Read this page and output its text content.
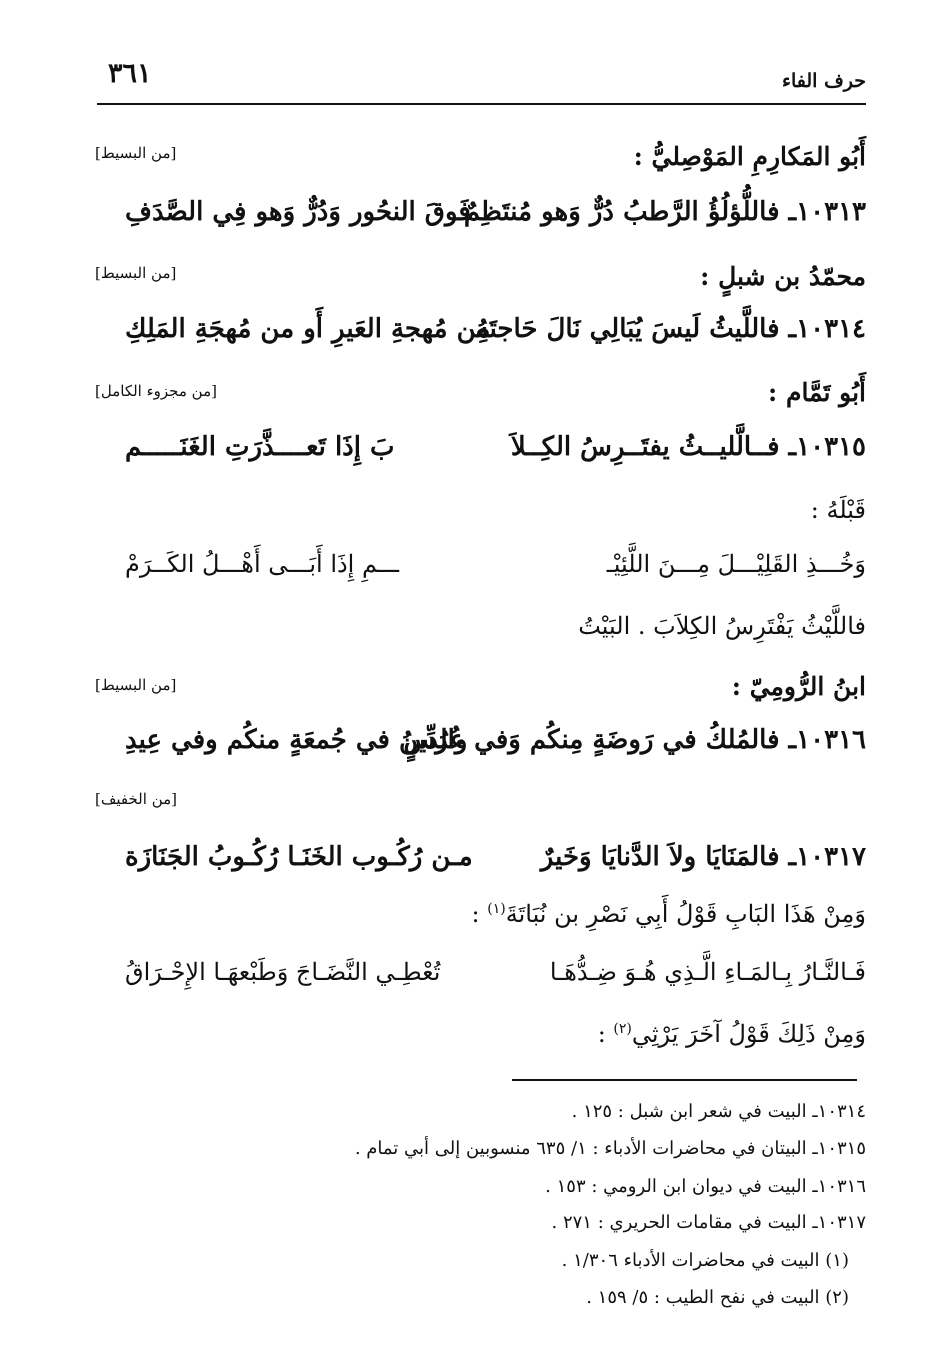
حرف الفاء
٣٦١
أَبُو المَكارِمِ المَوْصِليُّ :
[من البسيط]
١٠٣١٣ـ فاللُّؤلُؤُ الرَّطبُ دُرٌّ وَهو مُنتَظِمٌ
فَوقَ النحُور وَدُرٌّ وَهو فِي الصَّدَفِ
محمّدُ بن شبلٍ :
[من البسيط]
١٠٣١٤ـ فاللَّيثُ لَيسَ يُبَالِي نَالَ حَاجتَهُ
مِن مُهجةِ العَيرِ أَو من مُهجَةِ المَلِكِ
أَبُو تَمَّام :
[من مجزوء الكامل]
١٠٣١٥ـ فــالَّليــثُ يفتَــرِسُ الكِــلاَ
بَ إِذَا تَعــــذَّرَتِ الغَنَـــــم
قَبْلَهُ :
وَخُـــذِ القَلِيْـــلَ مِـــنَ اللَّئِيْـ
ـــمِ إِذَا أَبَـــى أَهْـــلُ الكَــرَمْ
فاللَّيْثُ يَفْتَرِسُ الكِلاَبَ . البَيْتُ
ابنُ الرُّومِيّ :
[من البسيط]
١٠٣١٦ـ فالمُلكُ في رَوضَةٍ مِنكُم وَفي عُرُسٍ
والدِّينُ في جُمعَةٍ منكُم وفي عِيدِ
[من الخفيف]
١٠٣١٧ـ فالمَنَايَا ولاَ الدَّنايَا وَخَيرٌ
مـن رُكُـوب الخَنَـا رُكُـوبُ الجَنَازَة
وَمِنْ هَذَا البَابِ قَوْلُ أَبِي نَصْرِ بن نُبَاتَةَ$^{(١)}$ :
فَـالنَّـارُ بِـالمَـاءِ الَّـذِي هُـوَ ضِـدُّهَـا
تُعْطِـي النَّضَـاجَ وَطَبْعهَـا الإِحْـرَاقُ
وَمِنْ ذَلِكَ قَوْلُ آخَرَ يَرْثِي$^{(٢)}$ :
١٠٣١٤ـ البيت في شعر ابن شبل : ١٢٥ .
١٠٣١٥ـ البيتان في محاضرات الأدباء : ١/ ٦٣٥ منسوبين إلى أبي تمام .
١٠٣١٦ـ البيت في ديوان ابن الرومي : ١٥٣ .
١٠٣١٧ـ البيت في مقامات الحريري : ٢٧١ .
(١) البيت في محاضرات الأدباء ١/٣٠٦ .
(٢) البيت في نفح الطيب : ٥/ ١٥٩ .
